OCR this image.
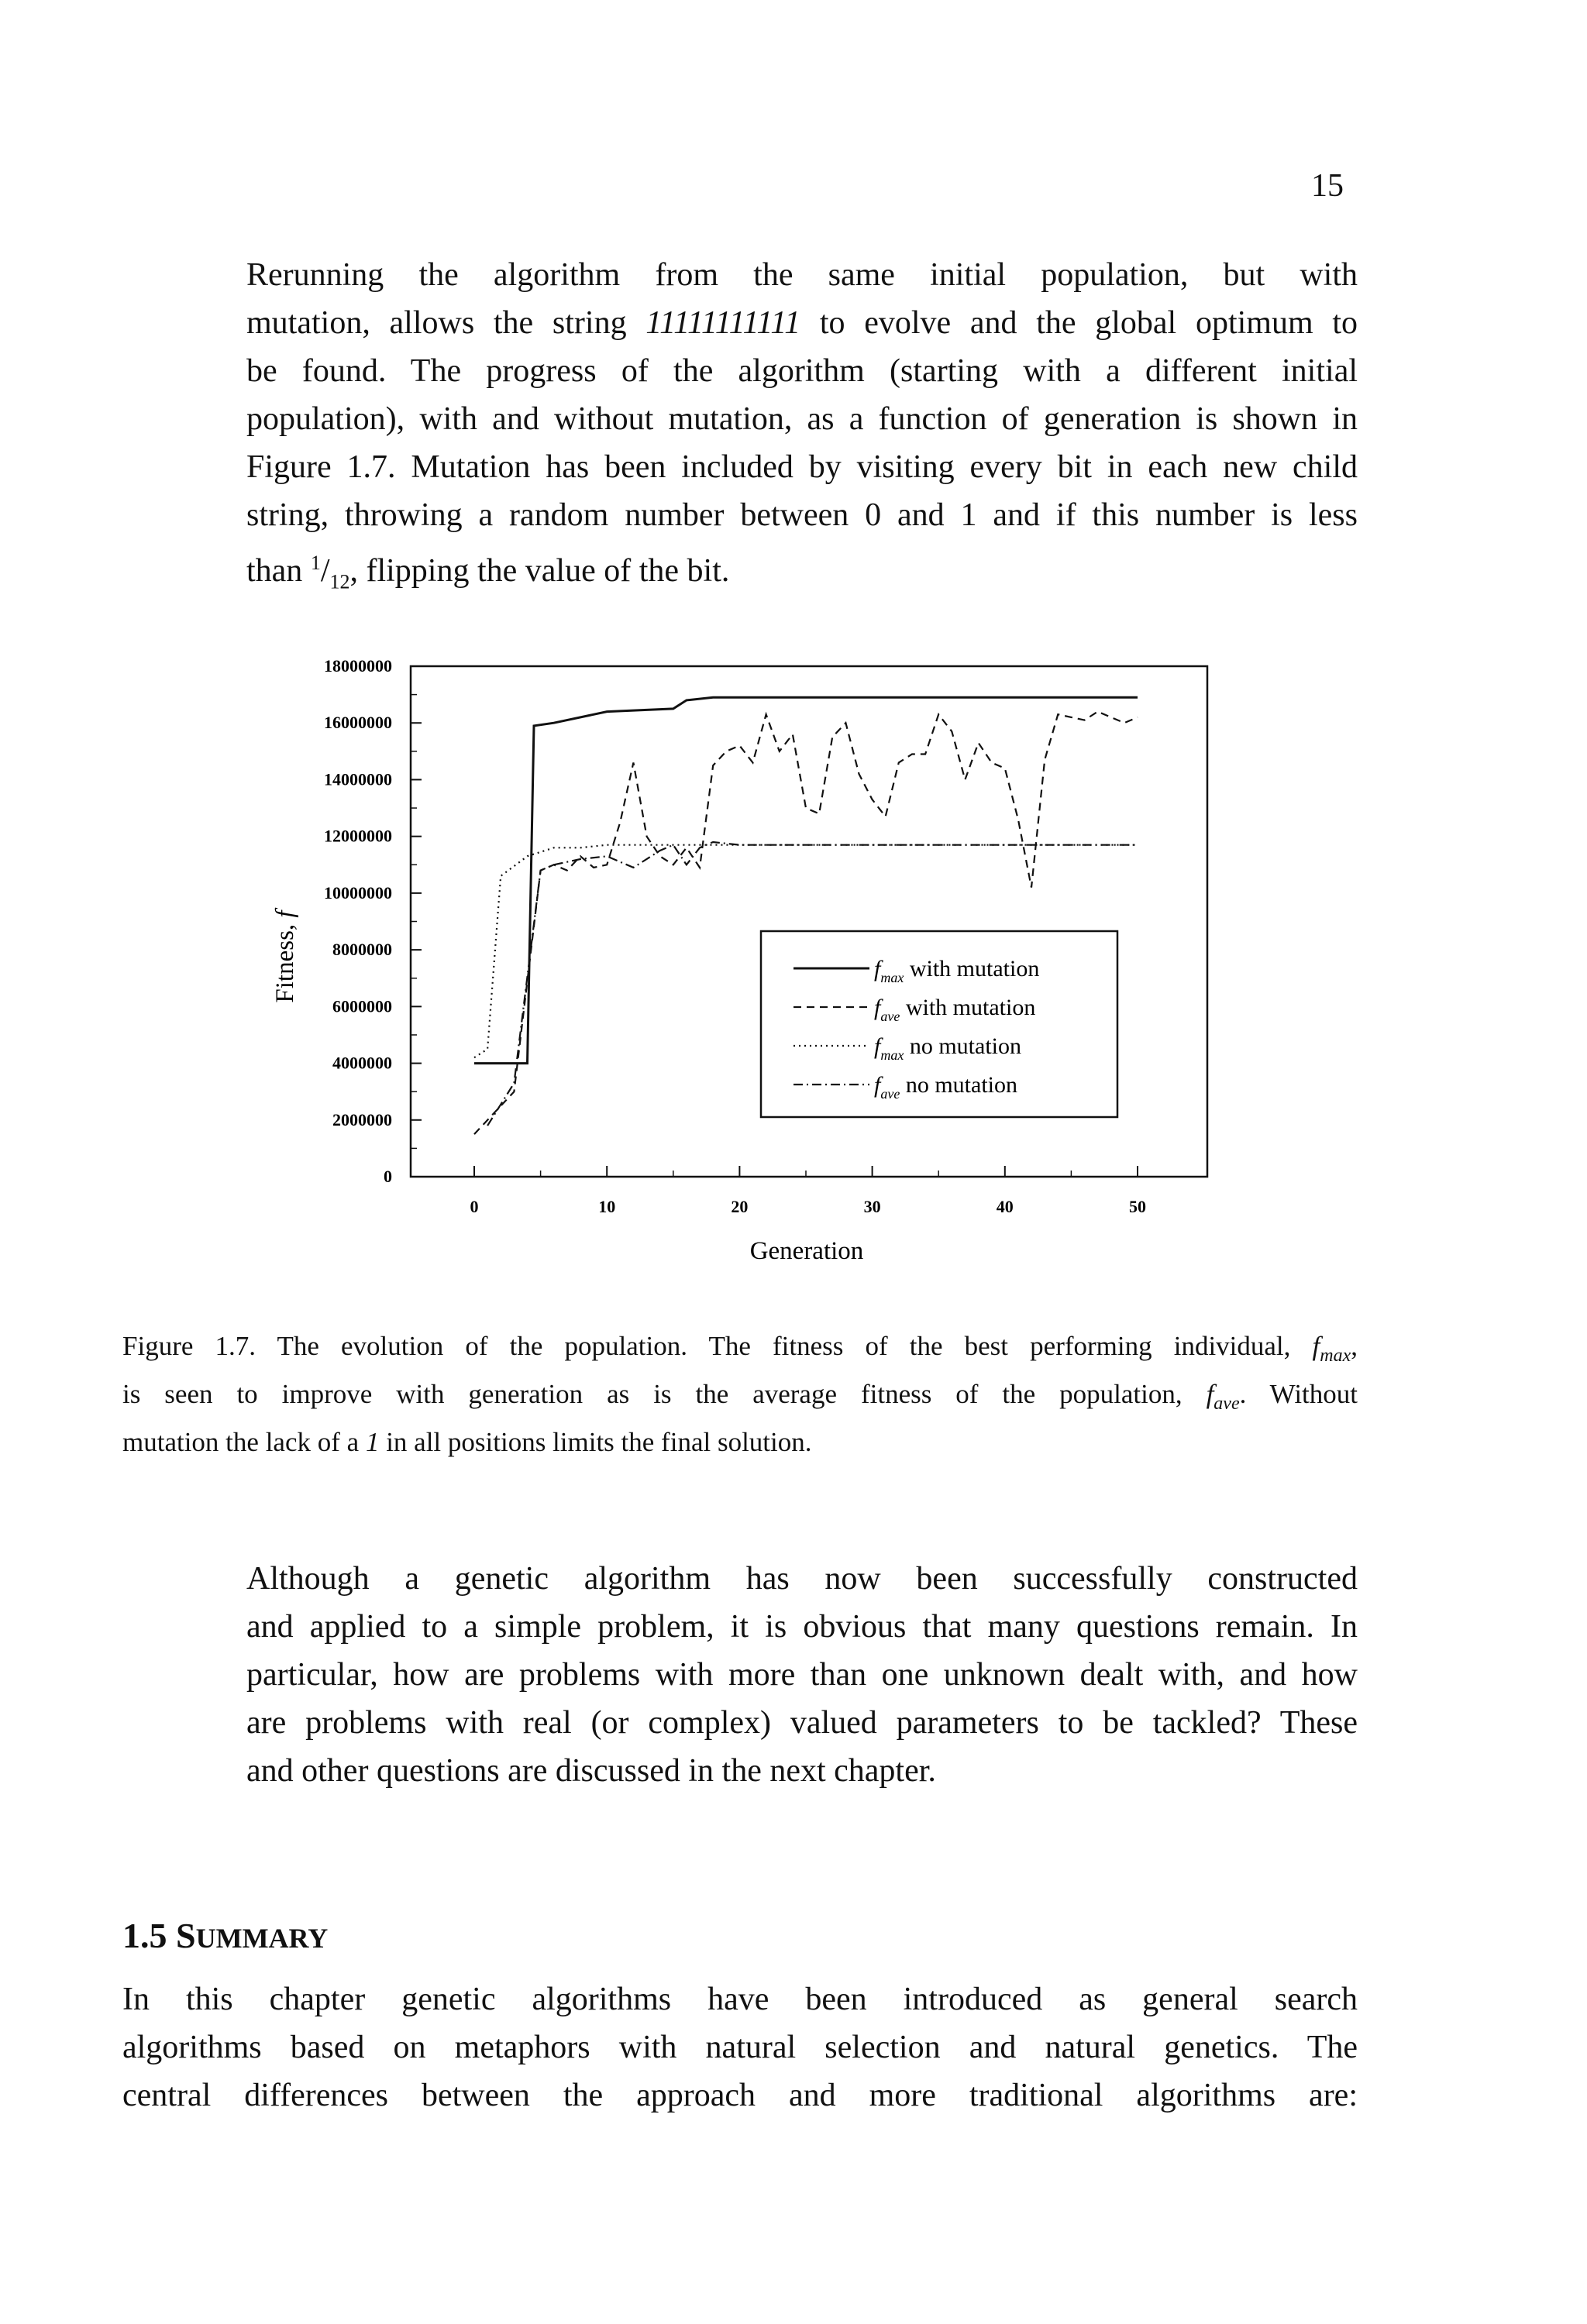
15

Rerunning the algorithm from the same initial population, but with
mutation, allows the string 11111111111 to evolve and the global optimum to
be found. The progress of the algorithm (starting with a different initial
population), with and without mutation, as a function of generation is shown in
Figure 1.7. Mutation has been included by visiting every bit in each new child
string, throwing a random number between 0 and 1 and if this number is less
than $^1/_{12}$, flipping the value of the bit.

0
2000000
4000000
6000000
8000000
10000000
12000000
14000000
16000000
18000000
0	10	20	30	40	50
$f_{max}$ with mutation
$f_{ave}$ with mutation
$f_{max}$ no mutation
$f_{ave}$ no mutation
Generation
Fitness, f

Figure 1.7. The evolution of the population. The fitness of the best performing individual, $f_{max}$,
is seen to improve with generation as is the average fitness of the population, $f_{ave}$. Without
mutation the lack of a 1 in all positions limits the final solution.

Although a genetic algorithm has now been successfully constructed
and applied to a simple problem, it is obvious that many questions remain. In
particular, how are problems with more than one unknown dealt with, and how
are problems with real (or complex) valued parameters to be tackled? These
and other questions are discussed in the next chapter.

1.5 SUMMARY

In this chapter genetic algorithms have been introduced as general search
algorithms based on metaphors with natural selection and natural genetics. The
central differences between the approach and more traditional algorithms are:
